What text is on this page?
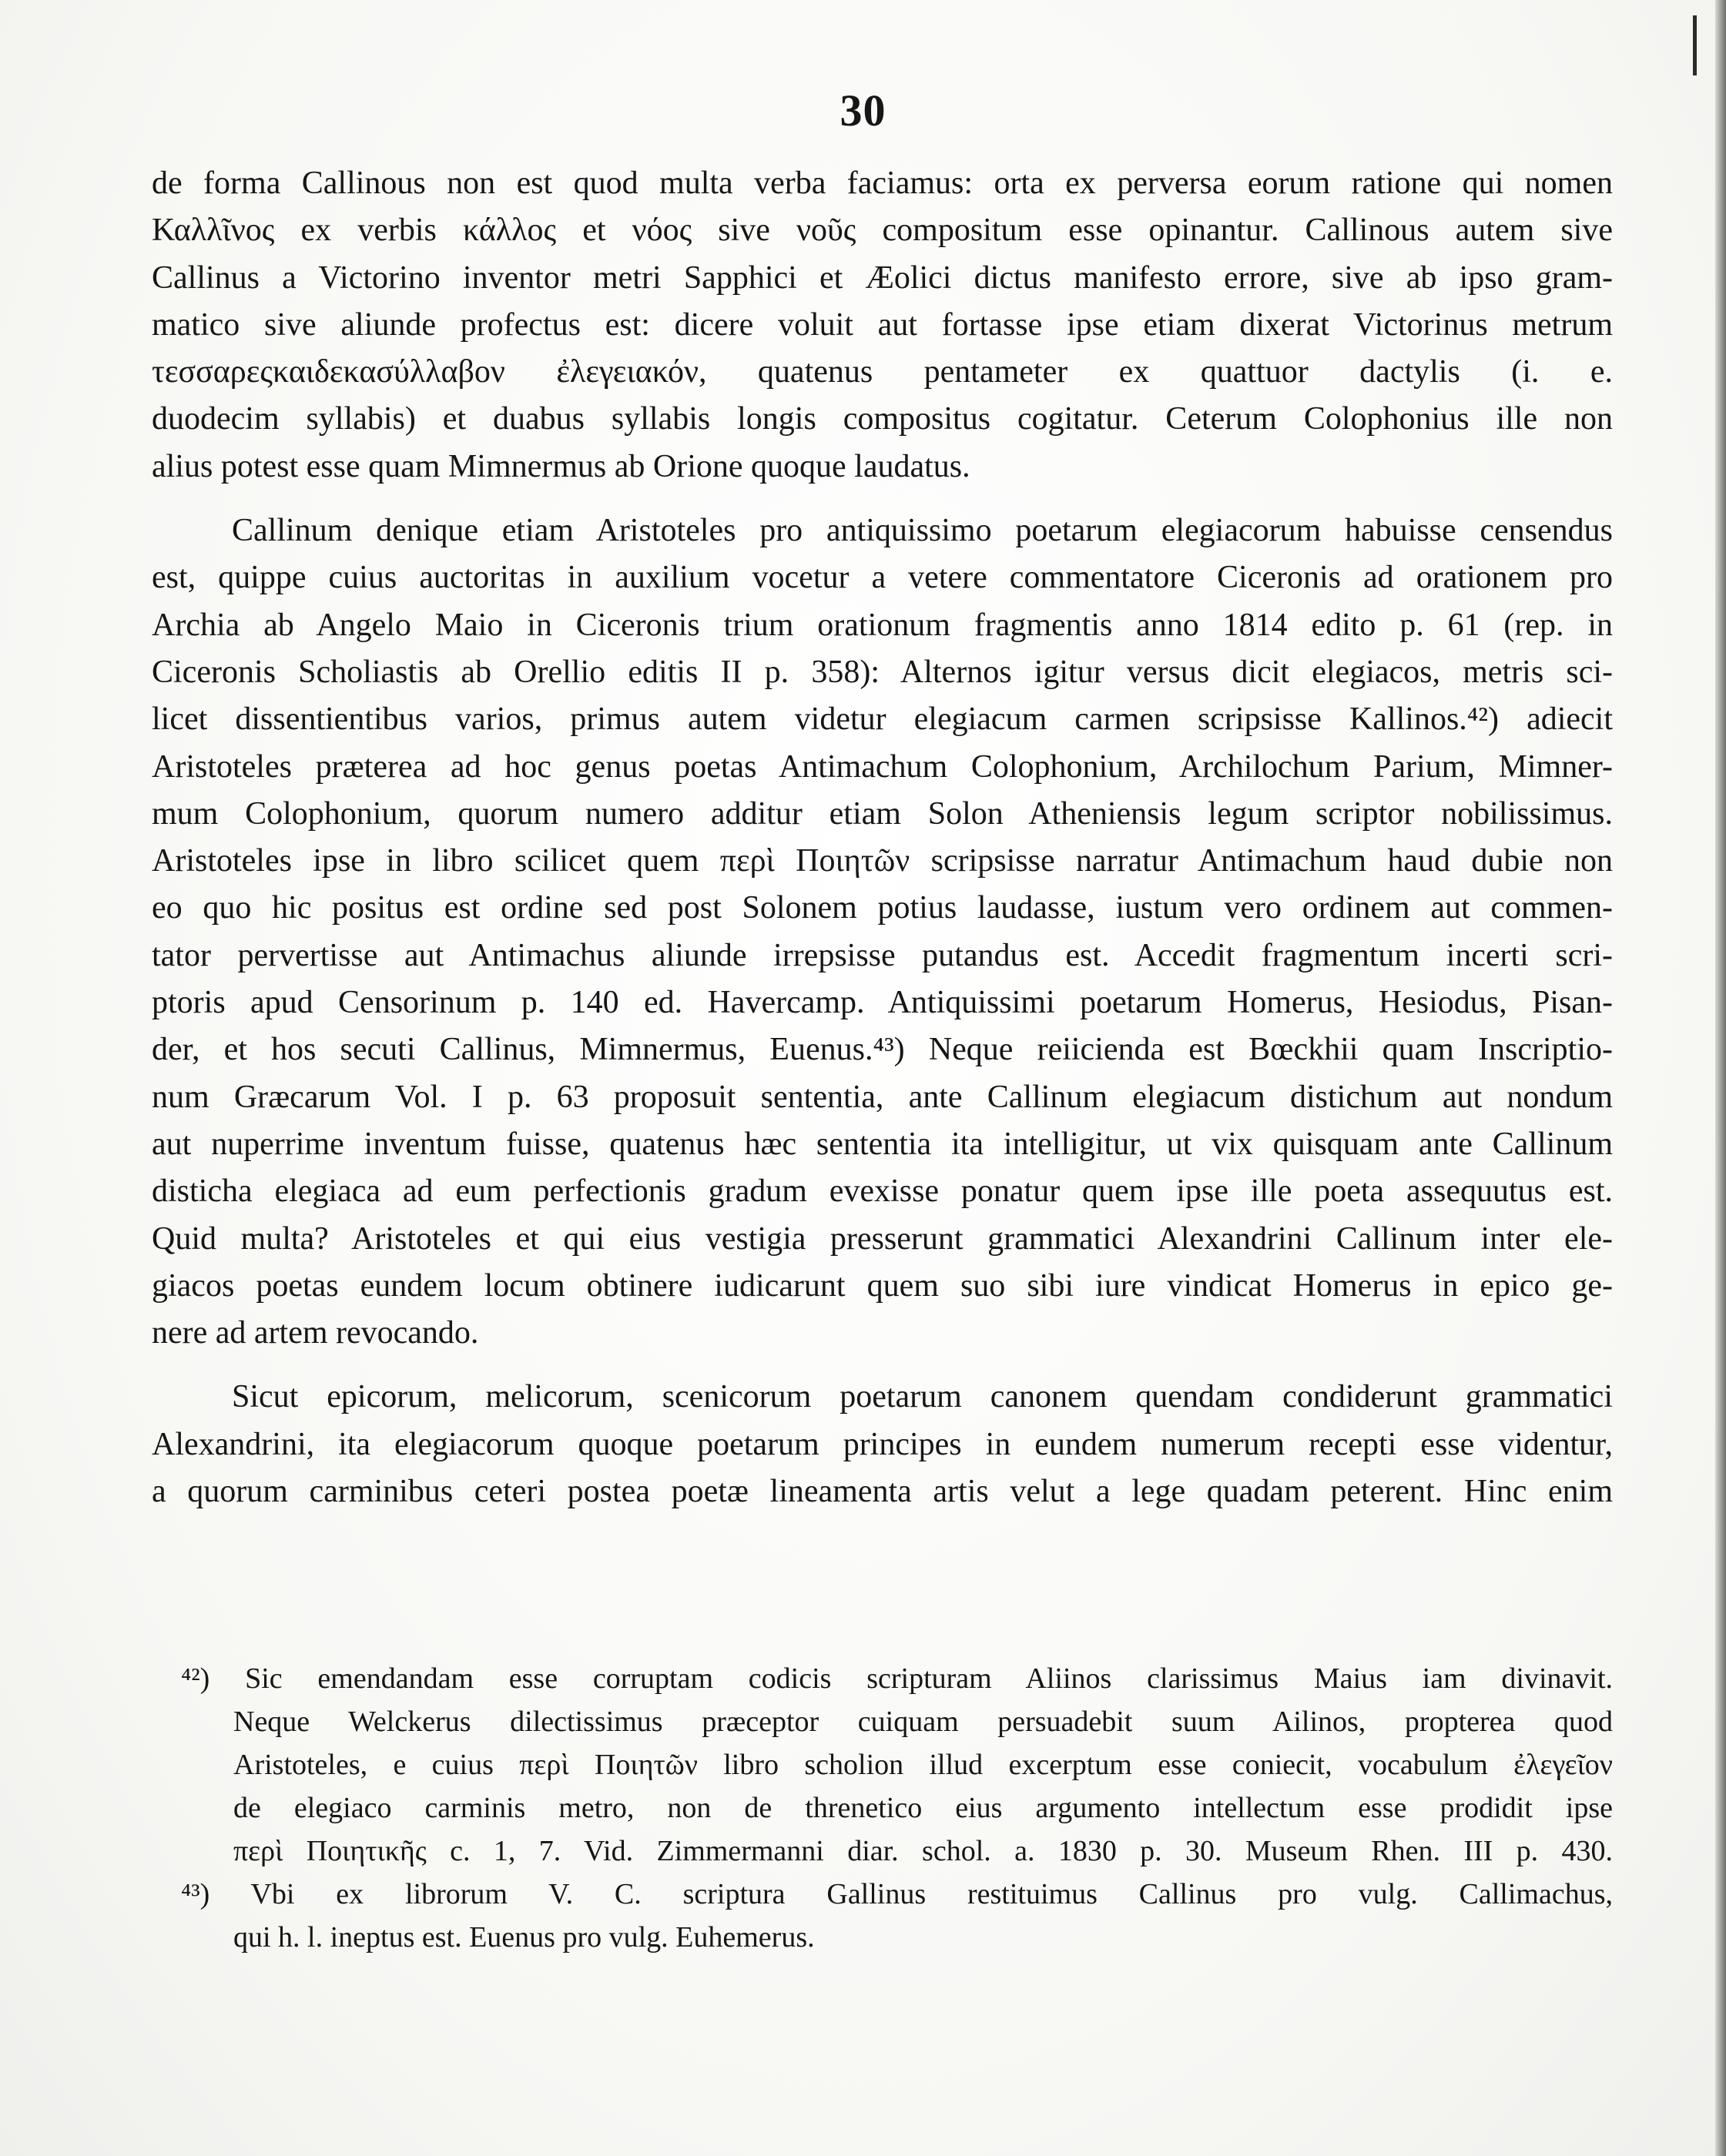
30
de forma Callinous non est quod multa verba faciamus: orta ex perversa eorum ratione qui nomen
Καλλῖνος ex verbis κάλλος et νόος sive νοῦς compositum esse opinantur. Callinous autem sive
Callinus a Victorino inventor metri Sapphici et Æolici dictus manifesto errore, sive ab ipso gram-
matico sive aliunde profectus est: dicere voluit aut fortasse ipse etiam dixerat Victorinus metrum
τεσσαρεςκαιδεκασύλλαβον ἐλεγειακόν, quatenus pentameter ex quattuor dactylis (i. e.
duodecim syllabis) et duabus syllabis longis compositus cogitatur. Ceterum Colophonius ille non
alius potest esse quam Mimnermus ab Orione quoque laudatus.
Callinum denique etiam Aristoteles pro antiquissimo poetarum elegiacorum habuisse censendus
est, quippe cuius auctoritas in auxilium vocetur a vetere commentatore Ciceronis ad orationem pro
Archia ab Angelo Maio in Ciceronis trium orationum fragmentis anno 1814 edito p. 61 (rep. in
Ciceronis Scholiastis ab Orellio editis II p. 358): Alternos igitur versus dicit elegiacos, metris sci-
licet dissentientibus varios, primus autem videtur elegiacum carmen scripsisse Kallinos.⁴²) adiecit
Aristoteles præterea ad hoc genus poetas Antimachum Colophonium, Archilochum Parium, Mimner-
mum Colophonium, quorum numero additur etiam Solon Atheniensis legum scriptor nobilissimus.
Aristoteles ipse in libro scilicet quem περὶ Ποιητῶν scripsisse narratur Antimachum haud dubie non
eo quo hic positus est ordine sed post Solonem potius laudasse, iustum vero ordinem aut commen-
tator pervertisse aut Antimachus aliunde irrepsisse putandus est. Accedit fragmentum incerti scri-
ptoris apud Censorinum p. 140 ed. Havercamp. Antiquissimi poetarum Homerus, Hesiodus, Pisan-
der, et hos secuti Callinus, Mimnermus, Euenus.⁴³) Neque reiicienda est Bœckhii quam Inscriptio-
num Græcarum Vol. I p. 63 proposuit sententia, ante Callinum elegiacum distichum aut nondum
aut nuperrime inventum fuisse, quatenus hæc sententia ita intelligitur, ut vix quisquam ante Callinum
disticha elegiaca ad eum perfectionis gradum evexisse ponatur quem ipse ille poeta assequutus est.
Quid multa? Aristoteles et qui eius vestigia presserunt grammatici Alexandrini Callinum inter ele-
giacos poetas eundem locum obtinere iudicarunt quem suo sibi iure vindicat Homerus in epico ge-
nere ad artem revocando.
Sicut epicorum, melicorum, scenicorum poetarum canonem quendam condiderunt grammatici
Alexandrini, ita elegiacorum quoque poetarum principes in eundem numerum recepti esse videntur,
a quorum carminibus ceteri postea poetæ lineamenta artis velut a lege quadam peterent. Hinc enim
⁴²) Sic emendandam esse corruptam codicis scripturam Aliinos clarissimus Maius iam divinavit.
Neque Welckerus dilectissimus præceptor cuiquam persuadebit suum Ailinos, propterea quod
Aristoteles, e cuius περὶ Ποιητῶν libro scholion illud excerptum esse coniecit, vocabulum ἐλεγεῖον
de elegiaco carminis metro, non de threnetico eius argumento intellectum esse prodidit ipse
περὶ Ποιητικῆς c. 1, 7. Vid. Zimmermanni diar. schol. a. 1830 p. 30. Museum Rhen. III p. 430.
⁴³) Vbi ex librorum V. C. scriptura Gallinus restituimus Callinus pro vulg. Callimachus,
qui h. l. ineptus est. Euenus pro vulg. Euhemerus.
